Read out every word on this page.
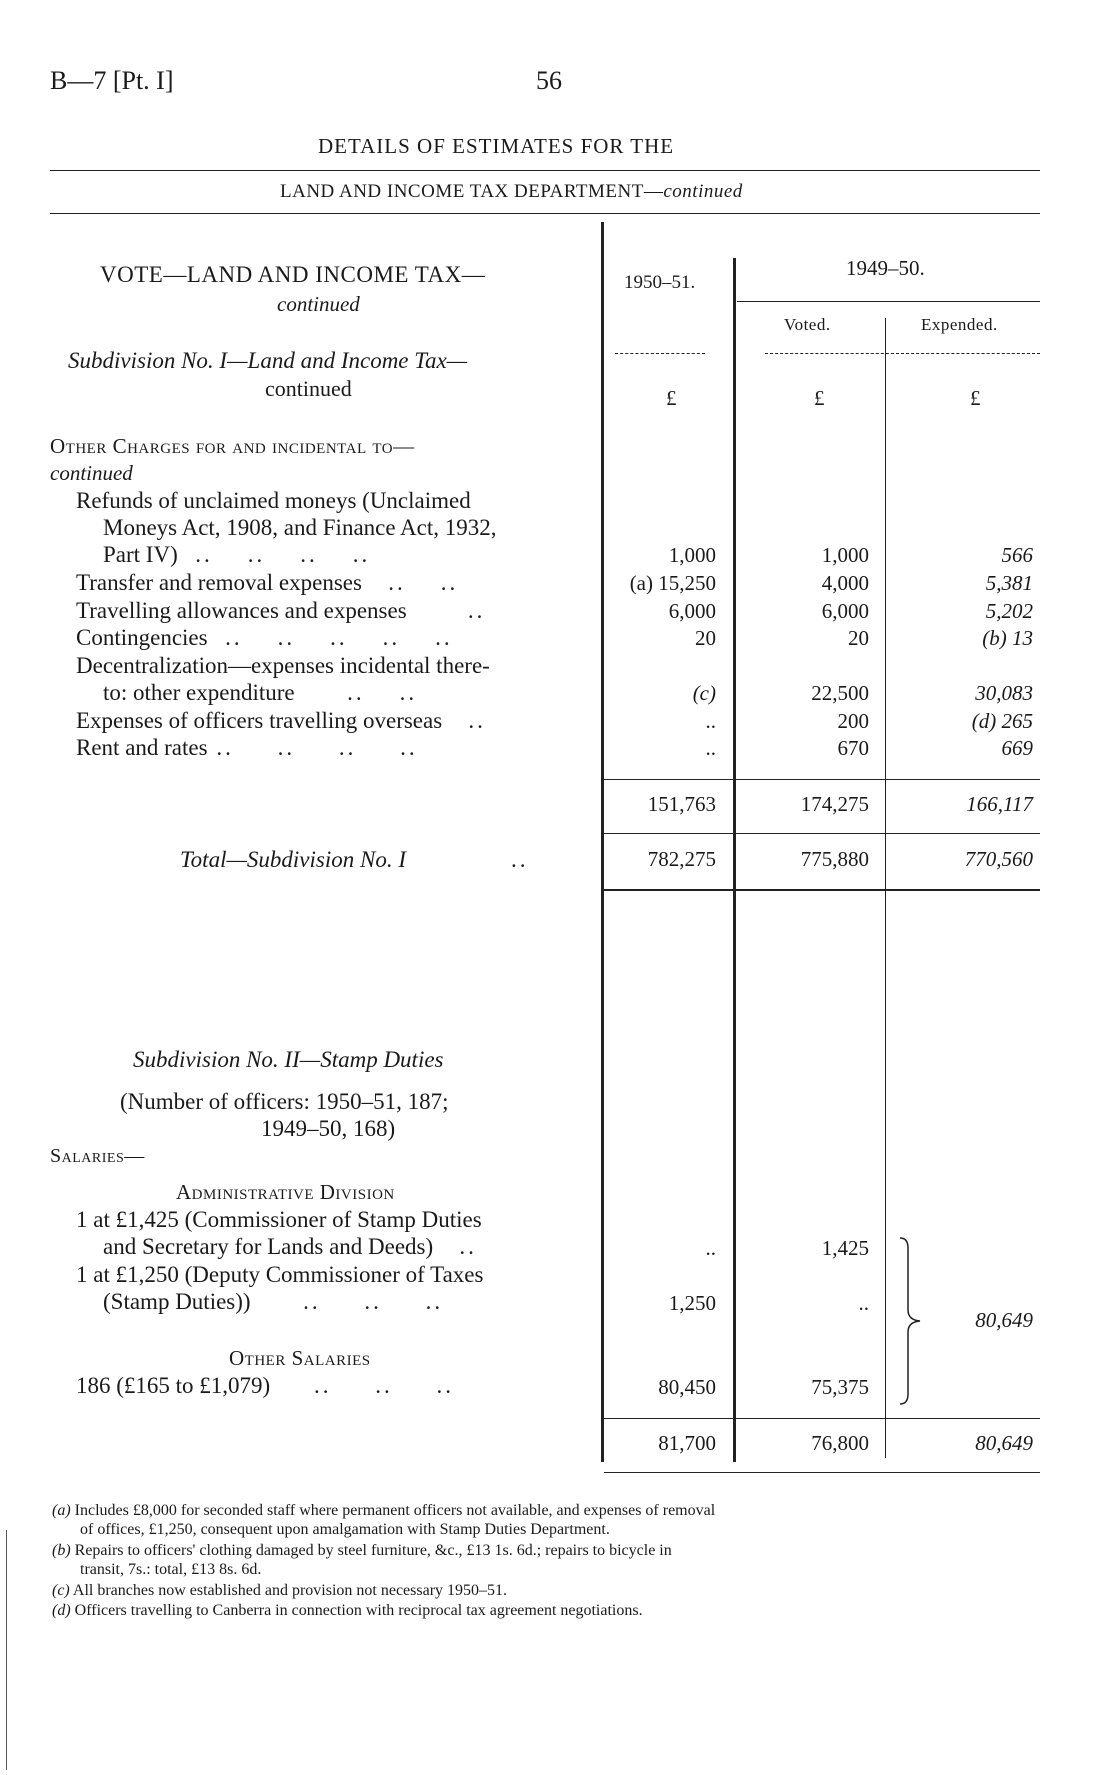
B—7 [Pt. I]	56
DETAILS OF ESTIMATES FOR THE
LAND AND INCOME TAX DEPARTMENT—continued
1950–51.
1949–50.
Voted.	Expended.
£	£	£
VOTE—LAND AND INCOME TAX—
continued
Subdivision No. I—Land and Income Tax—
continued
Other Charges for and incidental to—
continued
Refunds of unclaimed moneys (Unclaimed
Moneys Act, 1908, and Finance Act, 1932,
Part IV)  ..    ..    ..    ..	1,000	1,000	566
Transfer and removal expenses   ..    ..	(a) 15,250	4,000	5,381
Travelling allowances and expenses       ..	6,000	6,000	5,202
Contingencies  ..    ..    ..    ..    ..	20	20	(b) 13
Decentralization—expenses incidental there-
to: other expenditure      ..    ..	(c)	22,500	30,083
Expenses of officers travelling overseas   ..	..	200	(d) 265
Rent and rates ..     ..     ..     ..	..	670	669
151,763	174,275	166,117
Total—Subdivision No. I            ..	782,275	775,880	770,560
Subdivision No. II—Stamp Duties
(Number of officers: 1950–51, 187;
1949–50, 168)
Salaries—
Administrative Division
1 at £1,425 (Commissioner of Stamp Duties
and Secretary for Lands and Deeds)   ..	..	1,425
1 at £1,250 (Deputy Commissioner of Taxes
(Stamp Duties))      ..     ..     ..	1,250	..
Other Salaries
186 (£165 to £1,079)     ..     ..     ..	80,450	75,375
80,649
81,700	76,800	80,649
(a) Includes £8,000 for seconded staff where permanent officers not available, and expenses of removal
of offices, £1,250, consequent upon amalgamation with Stamp Duties Department.
(b) Repairs to officers' clothing damaged by steel furniture, &c., £13 1s. 6d.; repairs to bicycle in
transit, 7s.: total, £13 8s. 6d.
(c) All branches now established and provision not necessary 1950–51.
(d) Officers travelling to Canberra in connection with reciprocal tax agreement negotiations.
